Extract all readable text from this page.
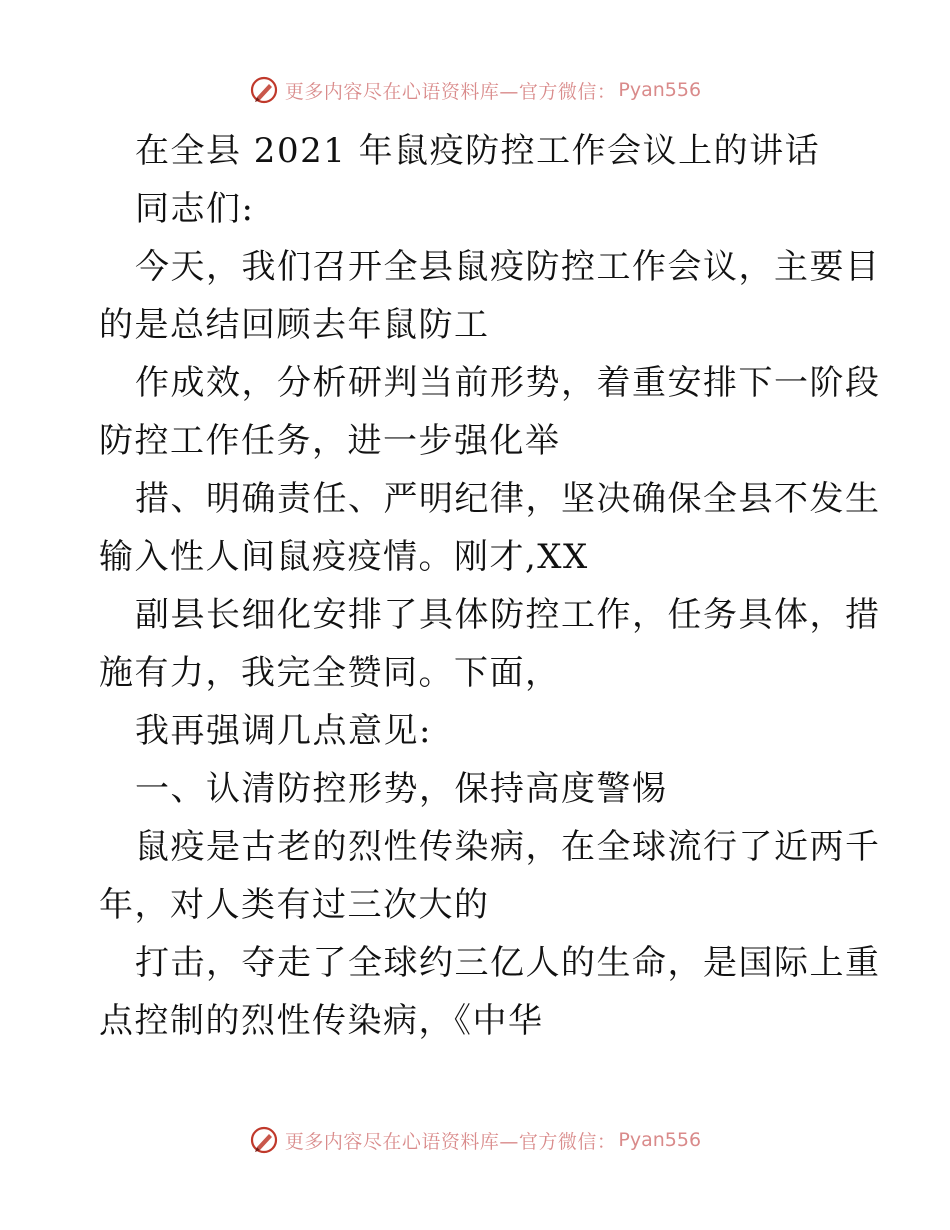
更多内容尽在心语资料库—官方微信： Pyan556
在全县 2021 年鼠疫防控工作会议上的讲话
同志们:
今天，我们召开全县鼠疫防控工作会议，主要目
的是总结回顾去年鼠防工
作成效，分析研判当前形势，着重安排下一阶段
防控工作任务，进一步强化举
措、明确责任、严明纪律，坚决确保全县不发生
输入性人间鼠疫疫情。刚才,XX
副县长细化安排了具体防控工作，任务具体，措
施有力，我完全赞同。下面，
我再强调几点意见:
一、认清防控形势，保持高度警惕
鼠疫是古老的烈性传染病，在全球流行了近两千
年，对人类有过三次大的
打击，夺走了全球约三亿人的生命，是国际上重
点控制的烈性传染病，《中华
更多内容尽在心语资料库—官方微信： Pyan556
